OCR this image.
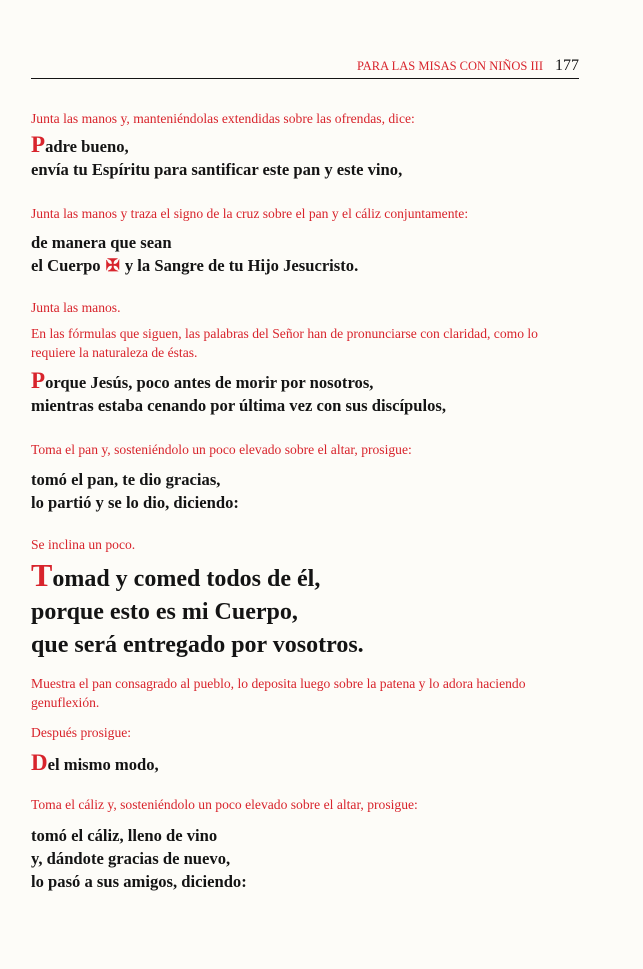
PARA LAS MISAS CON NIÑOS III 177

Junta las manos y, manteniéndolas extendidas sobre las ofrendas, dice:

Padre bueno,

envía tu Espíritu para santificar este pan y este vino,

Junta las manos y traza el signo de la cruz sobre el pan y el cáliz conjuntamente:

de manera que sean

el Cuerpo ✠ y la Sangre de tu Hijo Jesucristo.

Junta las manos.

En las fórmulas que siguen, las palabras del Señor han de pronunciarse con claridad, como lo requiere la naturaleza de éstas.

Porque Jesús, poco antes de morir por nosotros,

mientras estaba cenando por última vez con sus discípulos,

Toma el pan y, sosteniéndolo un poco elevado sobre el altar, prosigue:

tomó el pan, te dio gracias,

lo partió y se lo dio, diciendo:

Se inclina un poco.

Tomad y comed todos de él,

porque esto es mi Cuerpo,

que será entregado por vosotros.

Muestra el pan consagrado al pueblo, lo deposita luego sobre la patena y lo adora haciendo genuflexión.

Después prosigue:

Del mismo modo,

Toma el cáliz y, sosteniéndolo un poco elevado sobre el altar, prosigue:

tomó el cáliz, lleno de vino

y, dándote gracias de nuevo,

lo pasó a sus amigos, diciendo:
